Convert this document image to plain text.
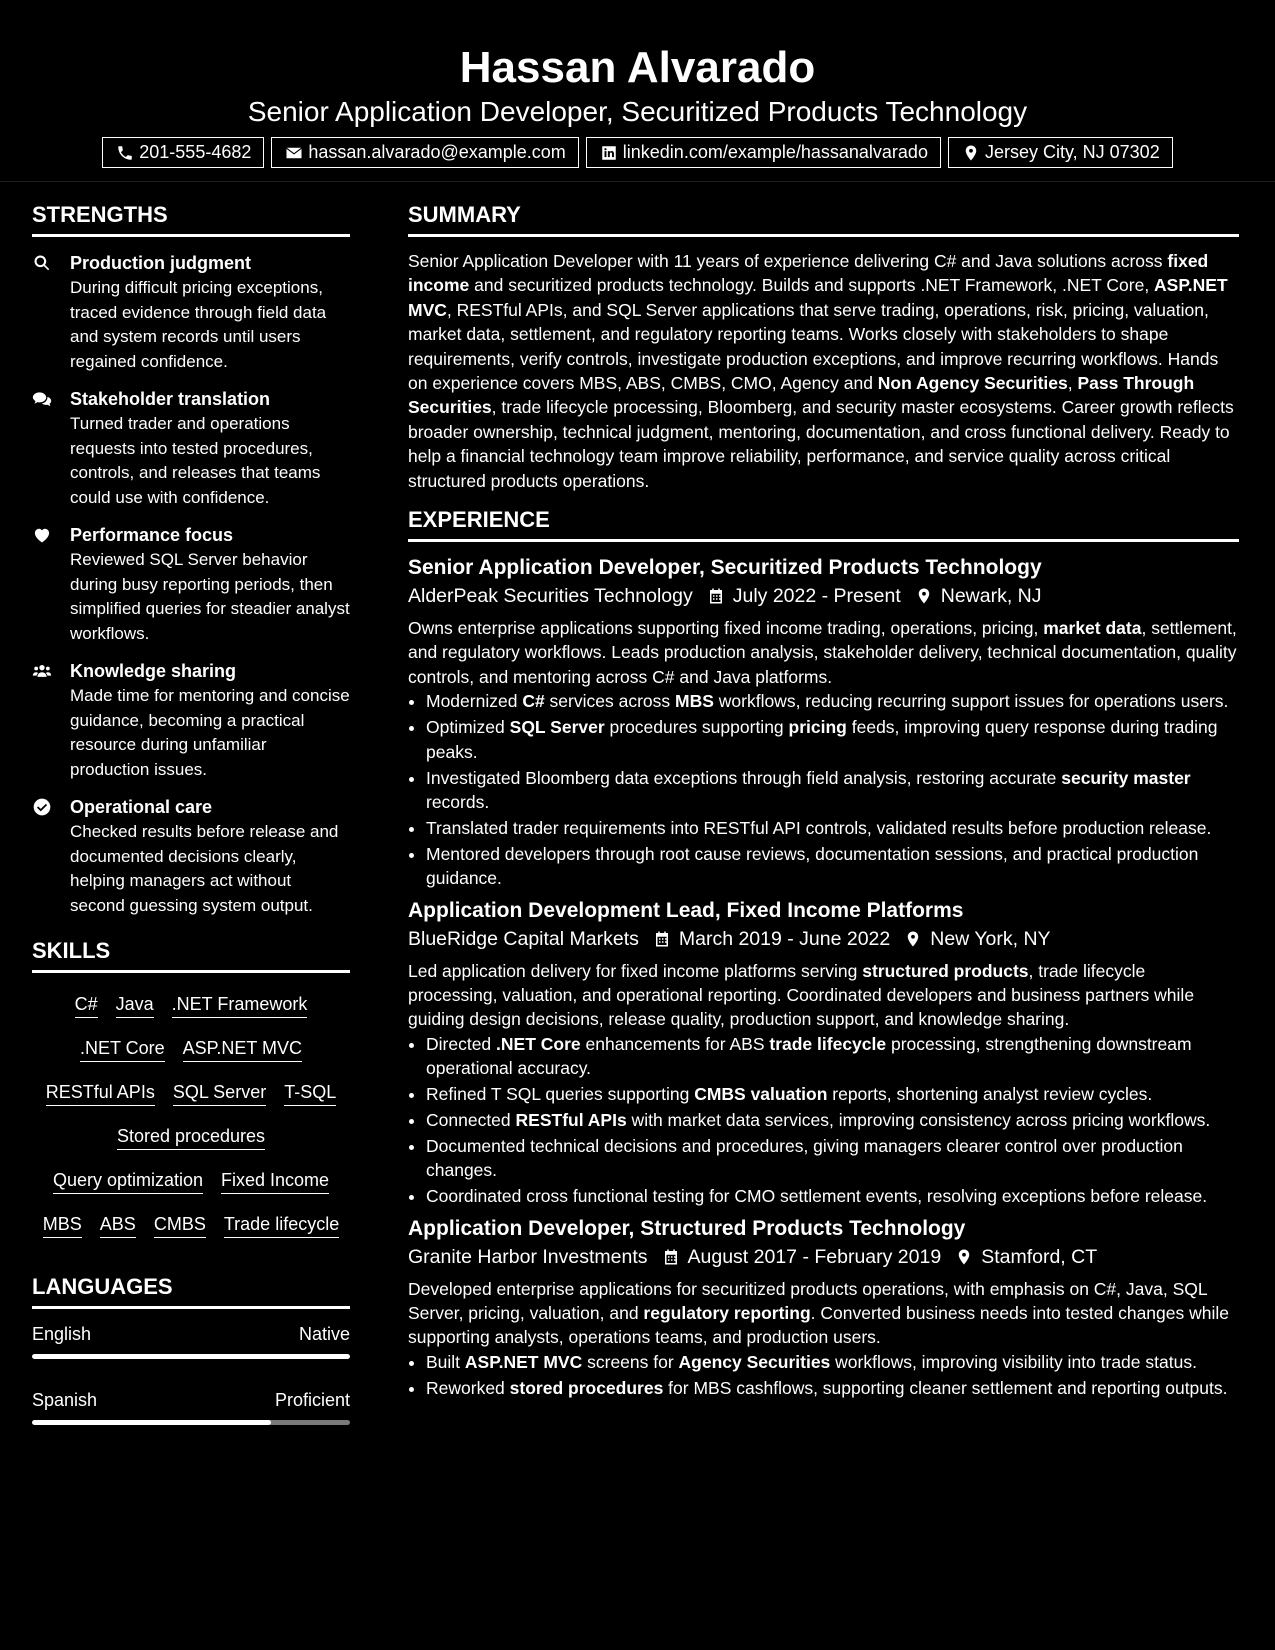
Hassan Alvarado
Senior Application Developer, Securitized Products Technology
201-555-4682	hassan.alvarado@example.com	linkedin.com/example/hassanalvarado	Jersey City, NJ 07302
STRENGTHS
Production judgment
During difficult pricing exceptions, traced evidence through field data and system records until users regained confidence.
Stakeholder translation
Turned trader and operations requests into tested procedures, controls, and releases that teams could use with confidence.
Performance focus
Reviewed SQL Server behavior during busy reporting periods, then simplified queries for steadier analyst workflows.
Knowledge sharing
Made time for mentoring and concise guidance, becoming a practical resource during unfamiliar production issues.
Operational care
Checked results before release and documented decisions clearly, helping managers act without second guessing system output.
SKILLS
C# Java .NET Framework
.NET Core ASP.NET MVC
RESTful APIs SQL Server T-SQL
Stored procedures
Query optimization Fixed Income
MBS ABS CMBS Trade lifecycle
LANGUAGES
English	Native
Spanish	Proficient
SUMMARY
Senior Application Developer with 11 years of experience delivering C# and Java solutions across fixed income and securitized products technology. Builds and supports .NET Framework, .NET Core, ASP.NET MVC, RESTful APIs, and SQL Server applications that serve trading, operations, risk, pricing, valuation, market data, settlement, and regulatory reporting teams. Works closely with stakeholders to shape requirements, verify controls, investigate production exceptions, and improve recurring workflows. Hands on experience covers MBS, ABS, CMBS, CMO, Agency and Non Agency Securities, Pass Through Securities, trade lifecycle processing, Bloomberg, and security master ecosystems. Career growth reflects broader ownership, technical judgment, mentoring, documentation, and cross functional delivery. Ready to help a financial technology team improve reliability, performance, and service quality across critical structured products operations.
EXPERIENCE
Senior Application Developer, Securitized Products Technology
AlderPeak Securities Technology July 2022 - Present Newark, NJ
Owns enterprise applications supporting fixed income trading, operations, pricing, market data, settlement, and regulatory workflows. Leads production analysis, stakeholder delivery, technical documentation, quality controls, and mentoring across C# and Java platforms.
• Modernized C# services across MBS workflows, reducing recurring support issues for operations users.
• Optimized SQL Server procedures supporting pricing feeds, improving query response during trading peaks.
• Investigated Bloomberg data exceptions through field analysis, restoring accurate security master records.
• Translated trader requirements into RESTful API controls, validated results before production release.
• Mentored developers through root cause reviews, documentation sessions, and practical production guidance.
Application Development Lead, Fixed Income Platforms
BlueRidge Capital Markets March 2019 - June 2022 New York, NY
Led application delivery for fixed income platforms serving structured products, trade lifecycle processing, valuation, and operational reporting. Coordinated developers and business partners while guiding design decisions, release quality, production support, and knowledge sharing.
• Directed .NET Core enhancements for ABS trade lifecycle processing, strengthening downstream operational accuracy.
• Refined T SQL queries supporting CMBS valuation reports, shortening analyst review cycles.
• Connected RESTful APIs with market data services, improving consistency across pricing workflows.
• Documented technical decisions and procedures, giving managers clearer control over production changes.
• Coordinated cross functional testing for CMO settlement events, resolving exceptions before release.
Application Developer, Structured Products Technology
Granite Harbor Investments August 2017 - February 2019 Stamford, CT
Developed enterprise applications for securitized products operations, with emphasis on C#, Java, SQL Server, pricing, valuation, and regulatory reporting. Converted business needs into tested changes while supporting analysts, operations teams, and production users.
• Built ASP.NET MVC screens for Agency Securities workflows, improving visibility into trade status.
• Reworked stored procedures for MBS cashflows, supporting cleaner settlement and reporting outputs.
